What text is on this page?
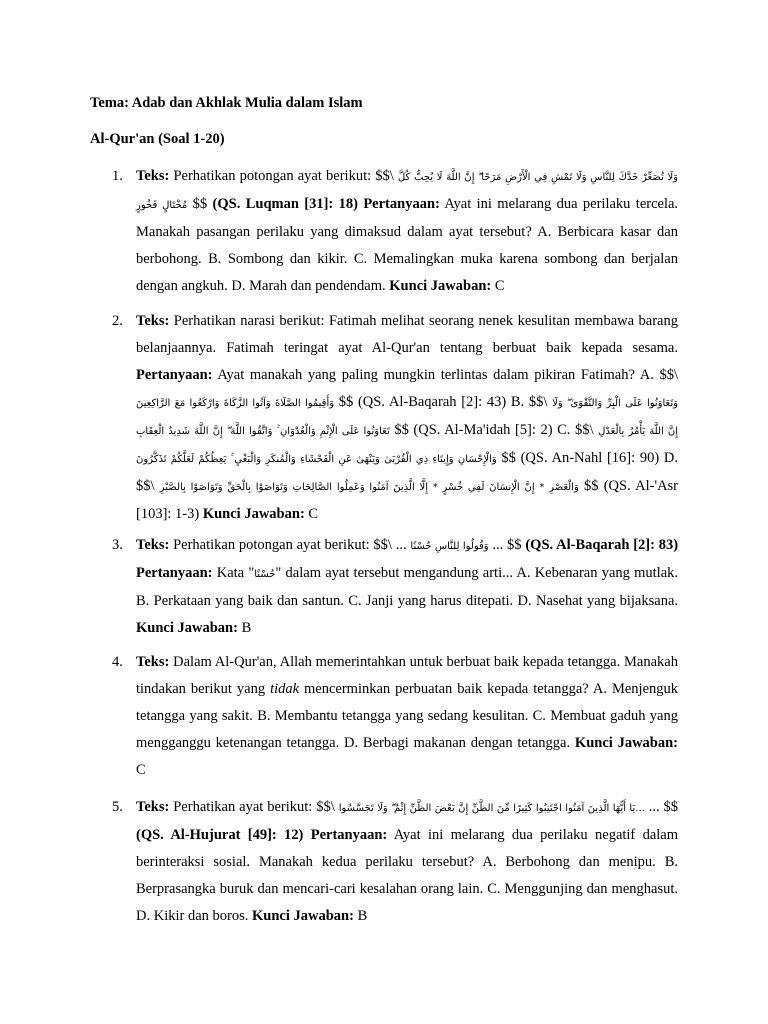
Tema: Adab dan Akhlak Mulia dalam Islam
Al-Qur'an (Soal 1-20)
1. Teks: Perhatikan potongan ayat berikut: $$\ وَلَا تُصَعِّرْ خَدَّكَ لِلنَّاسِ وَلَا تَمْشِ فِي الْأَرْضِ مَرَحًا ۖ إِنَّ اللَّهَ لَا يُحِبُّ كُلَّ مُخْتَالٍ فَخُورٍ $$ (QS. Luqman [31]: 18) Pertanyaan: Ayat ini melarang dua perilaku tercela. Manakah pasangan perilaku yang dimaksud dalam ayat tersebut? A. Berbicara kasar dan berbohong. B. Sombong dan kikir. C. Memalingkan muka karena sombong dan berjalan dengan angkuh. D. Marah dan pendendam. Kunci Jawaban: C
2. Teks: Perhatikan narasi berikut: Fatimah melihat seorang nenek kesulitan membawa barang belanjaannya. Fatimah teringat ayat Al-Qur'an tentang berbuat baik kepada sesama. Pertanyaan: Ayat manakah yang paling mungkin terlintas dalam pikiran Fatimah? A. $$\ وَأَقِيمُوا الصَّلَاةَ وَآتُوا الزَّكَاةَ وَارْكَعُوا مَعَ الرَّاكِعِينَ $$ (QS. Al-Baqarah [2]: 43) B. $$\ وَتَعَاوَنُوا عَلَى الْبِرِّ وَالتَّقْوَىٰ ۖ وَلَا تَعَاوَنُوا عَلَى الْإِثْمِ وَالْعُدْوَانِ ۚ وَاتَّقُوا اللَّهَ ۖ إِنَّ اللَّهَ شَدِيدُ الْعِقَابِ $$ (QS. Al-Ma'idah [5]: 2) C. $$\ إِنَّ اللَّهَ يَأْمُرُ بِالْعَدْلِ وَالْإِحْسَانِ وَإِيتَاءِ ذِي الْقُرْبَىٰ وَيَنْهَىٰ عَنِ الْفَحْشَاءِ وَالْمُنكَرِ وَالْبَغْيِ ۚ يَعِظُكُمْ لَعَلَّكُمْ تَذَكَّرُونَ $$ (QS. An-Nahl [16]: 90) D. $$\ وَالْعَصْرِ * إِنَّ الْإِنسَانَ لَفِي خُسْرٍ * إِلَّا الَّذِينَ آمَنُوا وَعَمِلُوا الصَّالِحَاتِ وَتَوَاصَوْا بِالْحَقِّ وَتَوَاصَوْا بِالصَّبْرِ $$ (QS. Al-'Asr [103]: 1-3) Kunci Jawaban: C
3. Teks: Perhatikan potongan ayat berikut: $$\ ... وَقُولُوا لِلنَّاسِ حُسْنًا ... $$ (QS. Al-Baqarah [2]: 83) Pertanyaan: Kata "حُسْنًا" dalam ayat tersebut mengandung arti... A. Kebenaran yang mutlak. B. Perkataan yang baik dan santun. C. Janji yang harus ditepati. D. Nasehat yang bijaksana. Kunci Jawaban: B
4. Teks: Dalam Al-Qur'an, Allah memerintahkan untuk berbuat baik kepada tetangga. Manakah tindakan berikut yang tidak mencerminkan perbuatan baik kepada tetangga? A. Menjenguk tetangga yang sakit. B. Membantu tetangga yang sedang kesulitan. C. Membuat gaduh yang mengganggu ketenangan tetangga. D. Berbagi makanan dengan tetangga. Kunci Jawaban: C
5. Teks: Perhatikan ayat berikut: $$\ ...يَا أَيُّهَا الَّذِينَ آمَنُوا اجْتَنِبُوا كَثِيرًا مِّنَ الظَّنِّ إِنَّ بَعْضَ الظَّنِّ إِثْمٌ ۖ وَلَا تَجَسَّسُوا ... $$ (QS. Al-Hujurat [49]: 12) Pertanyaan: Ayat ini melarang dua perilaku negatif dalam berinteraksi sosial. Manakah kedua perilaku tersebut? A. Berbohong dan menipu. B. Berprasangka buruk dan mencari-cari kesalahan orang lain. C. Menggunjing dan menghasut. D. Kikir dan boros. Kunci Jawaban: B
